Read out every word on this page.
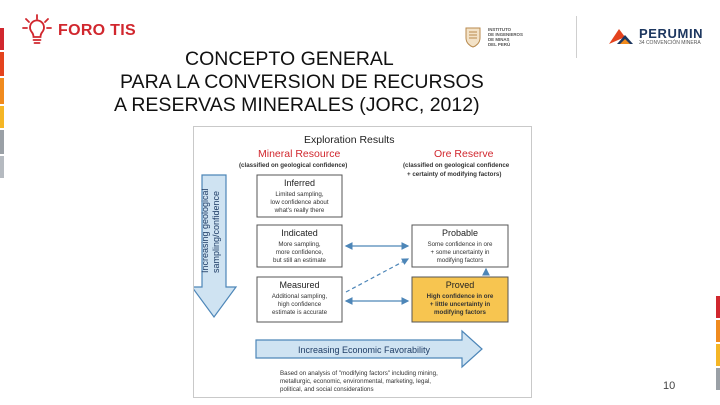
FORO TIS	INSTITUTO
DE INGENIEROS
DE MINAS
DEL PERÚ
PERUMIN
34 CONVENCIÓN MINERA
CONCEPTO GENERAL
PARA LA CONVERSION DE RECURSOS
A RESERVAS MINERALES (JORC, 2012)
Exploration Results
Mineral Resource
(classified on geological confidence)
Ore Reserve
(classified on geological confidence
+ certainty of modifying factors)
Increasing geological sampling/confidence
Inferred
Limited sampling,
low confidence about
what's really there
Indicated
More sampling,
more confidence,
but still an estimate
Measured
Additional sampling,
high confidence
estimate is accurate
Probable
Some confidence in ore
+ some uncertainty in
modifying factors
Proved
High confidence in ore
+ little uncertainty in
modifying factors
Increasing Economic Favorability
Based on analysis of "modifying factors" including mining,
metallurgic, economic, environmental, marketing, legal,
political, and social considerations	10
